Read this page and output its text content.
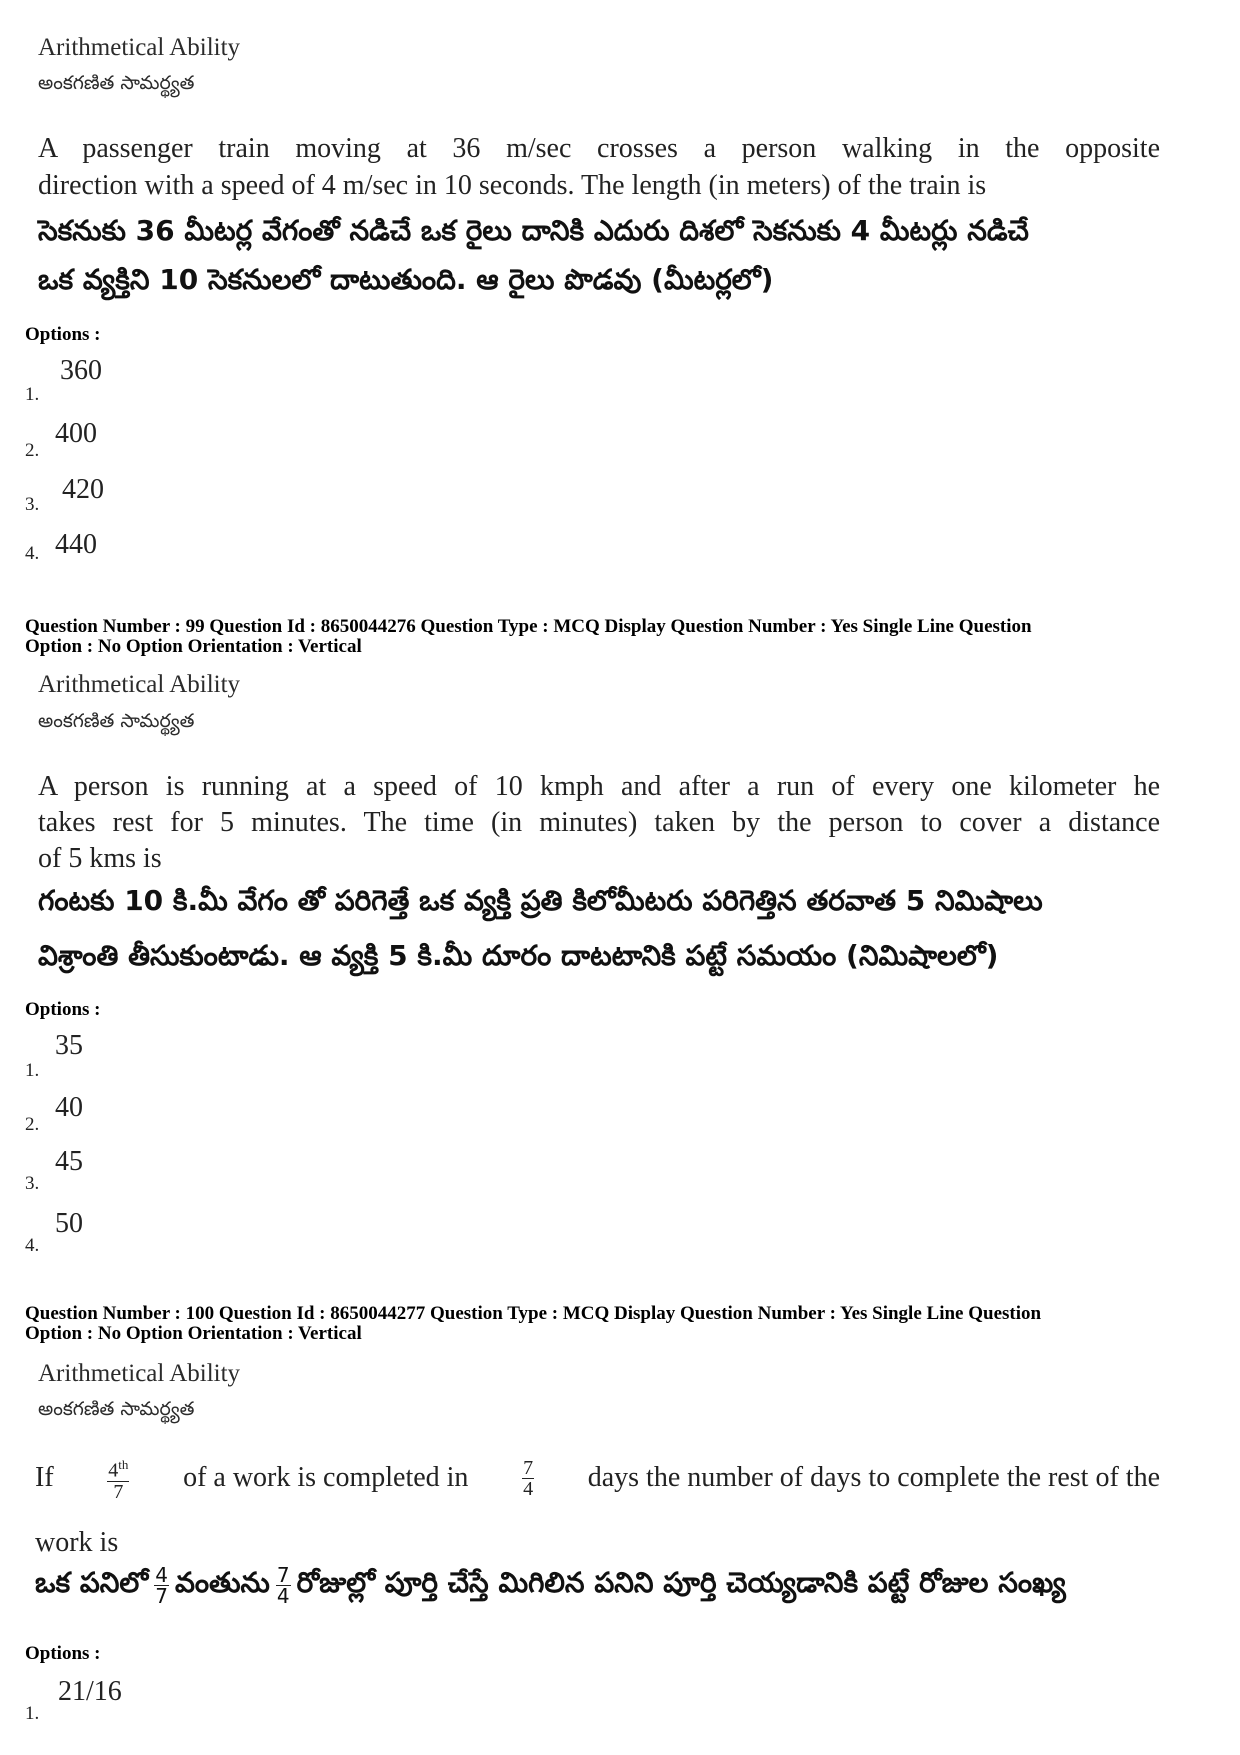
Arithmetical Ability
అంకగణిత సామర్థ్యత
A passenger train moving at 36 m/sec crosses a person walking in the opposite
direction with a speed of 4 m/sec in 10 seconds. The length (in meters) of the train is
సెకనుకు 36 మీటర్ల వేగంతో నడిచే ఒక రైలు దానికి ఎదురు దిశలో సెకనుకు 4 మీటర్లు నడిచే
ఒక వ్యక్తిని 10 సెకనులలో దాటుతుంది. ఆ రైలు పొడవు (మీటర్లలో)
Options :
1.
360
2.
400
3. 420
4. 440
Question Number : 99 Question Id : 8650044276 Question Type : MCQ Display Question Number : Yes Single Line Question
Option : No Option Orientation : Vertical
Arithmetical Ability
అంకగణిత సామర్థ్యత
A person is running at a speed of 10 kmph and after a run of every one kilometer he
takes rest for 5 minutes. The time (in minutes) taken by the person to cover a distance
of 5 kms is
గంటకు 10 కి.మీ వేగం తో పరిగెత్తే ఒక వ్యక్తి ప్రతి కిలోమీటరు పరిగెత్తిన తరవాత 5 నిమిషాలు
విశ్రాంతి తీసుకుంటాడు. ఆ వ్యక్తి 5 కి.మీ దూరం దాటటానికి పట్టే సమయం (నిమిషాలలో)
Options :
1.
35
2.
40
3.
45
4.
50
Question Number : 100 Question Id : 8650044277 Question Type : MCQ Display Question Number : Yes Single Line Question
Option : No Option Orientation : Vertical
Arithmetical Ability
అంకగణిత సామర్థ్యత
If	$\frac{4^{th}}{7}$ of a work is completed in	$\frac{7}{4}$ days the number of days to complete the rest of the
work is
ఒక పనిలో $\frac{4}{7}$ వంతును $\frac{7}{4}$ రోజుల్లో పూర్తి చేస్తే మిగిలిన పనిని పూర్తి చెయ్యడానికి పట్టే రోజుల సంఖ్య
Options :
1.
21/16
